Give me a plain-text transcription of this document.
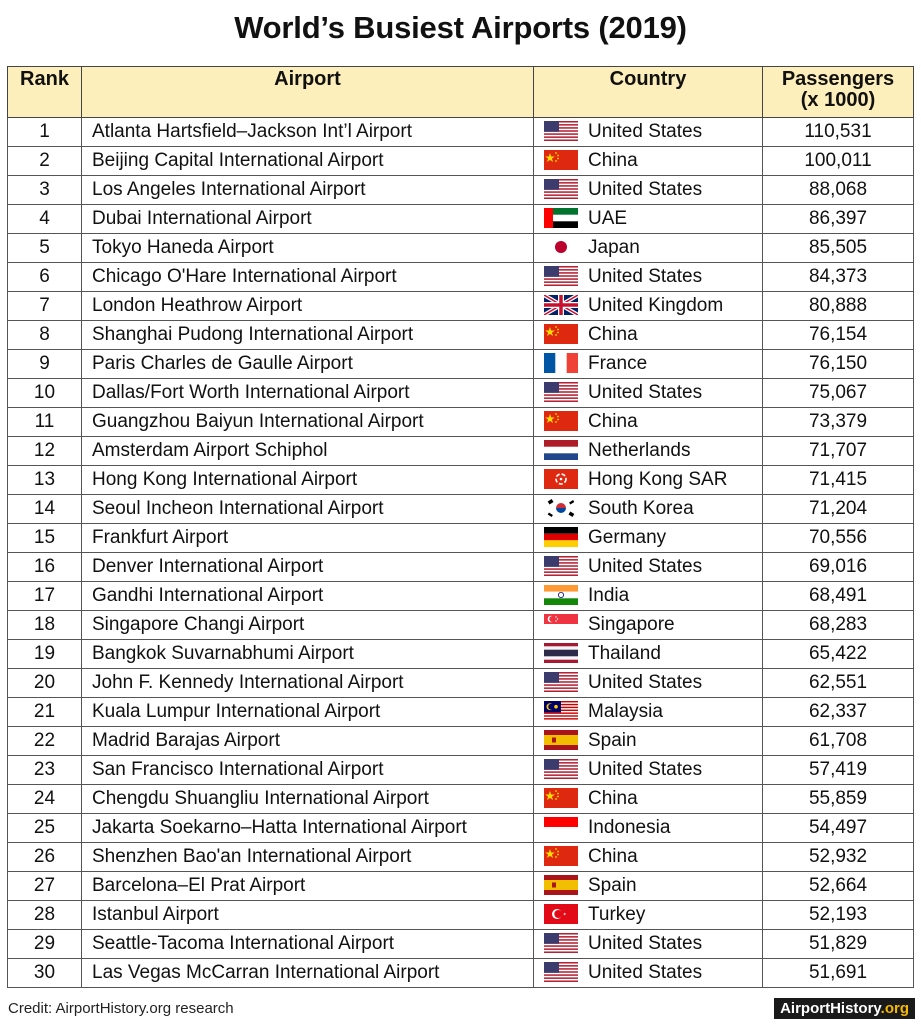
World’s Busiest Airports (2019)
Rank	Airport	Country	Passengers
(x 1000)
1	Atlanta Hartsfield–Jackson Int’l Airport	United States	110,531
2	Beijing Capital International Airport	China	100,011
3	Los Angeles International Airport	United States	88,068
4	Dubai International Airport	UAE	86,397
5	Tokyo Haneda Airport	Japan	85,505
6	Chicago O'Hare International Airport	United States	84,373
7	London Heathrow Airport	United Kingdom	80,888
8	Shanghai Pudong International Airport	China	76,154
9	Paris Charles de Gaulle Airport	France	76,150
10	Dallas/Fort Worth International Airport	United States	75,067
11	Guangzhou Baiyun International Airport	China	73,379
12	Amsterdam Airport Schiphol	Netherlands	71,707
13	Hong Kong International Airport	Hong Kong SAR	71,415
14	Seoul Incheon International Airport	South Korea	71,204
15	Frankfurt Airport	Germany	70,556
16	Denver International Airport	United States	69,016
17	Gandhi International Airport	India	68,491
18	Singapore Changi Airport	Singapore	68,283
19	Bangkok Suvarnabhumi Airport	Thailand	65,422
20	John F. Kennedy International Airport	United States	62,551
21	Kuala Lumpur International Airport	Malaysia	62,337
22	Madrid Barajas Airport	Spain	61,708
23	San Francisco International Airport	United States	57,419
24	Chengdu Shuangliu International Airport	China	55,859
25	Jakarta Soekarno–Hatta International Airport	Indonesia	54,497
26	Shenzhen Bao'an International Airport	China	52,932
27	Barcelona–El Prat Airport	Spain	52,664
28	Istanbul Airport	Turkey	52,193
29	Seattle-Tacoma International Airport	United States	51,829
30	Las Vegas McCarran International Airport	United States	51,691
Credit: AirportHistory.org research	AirportHistory.org
